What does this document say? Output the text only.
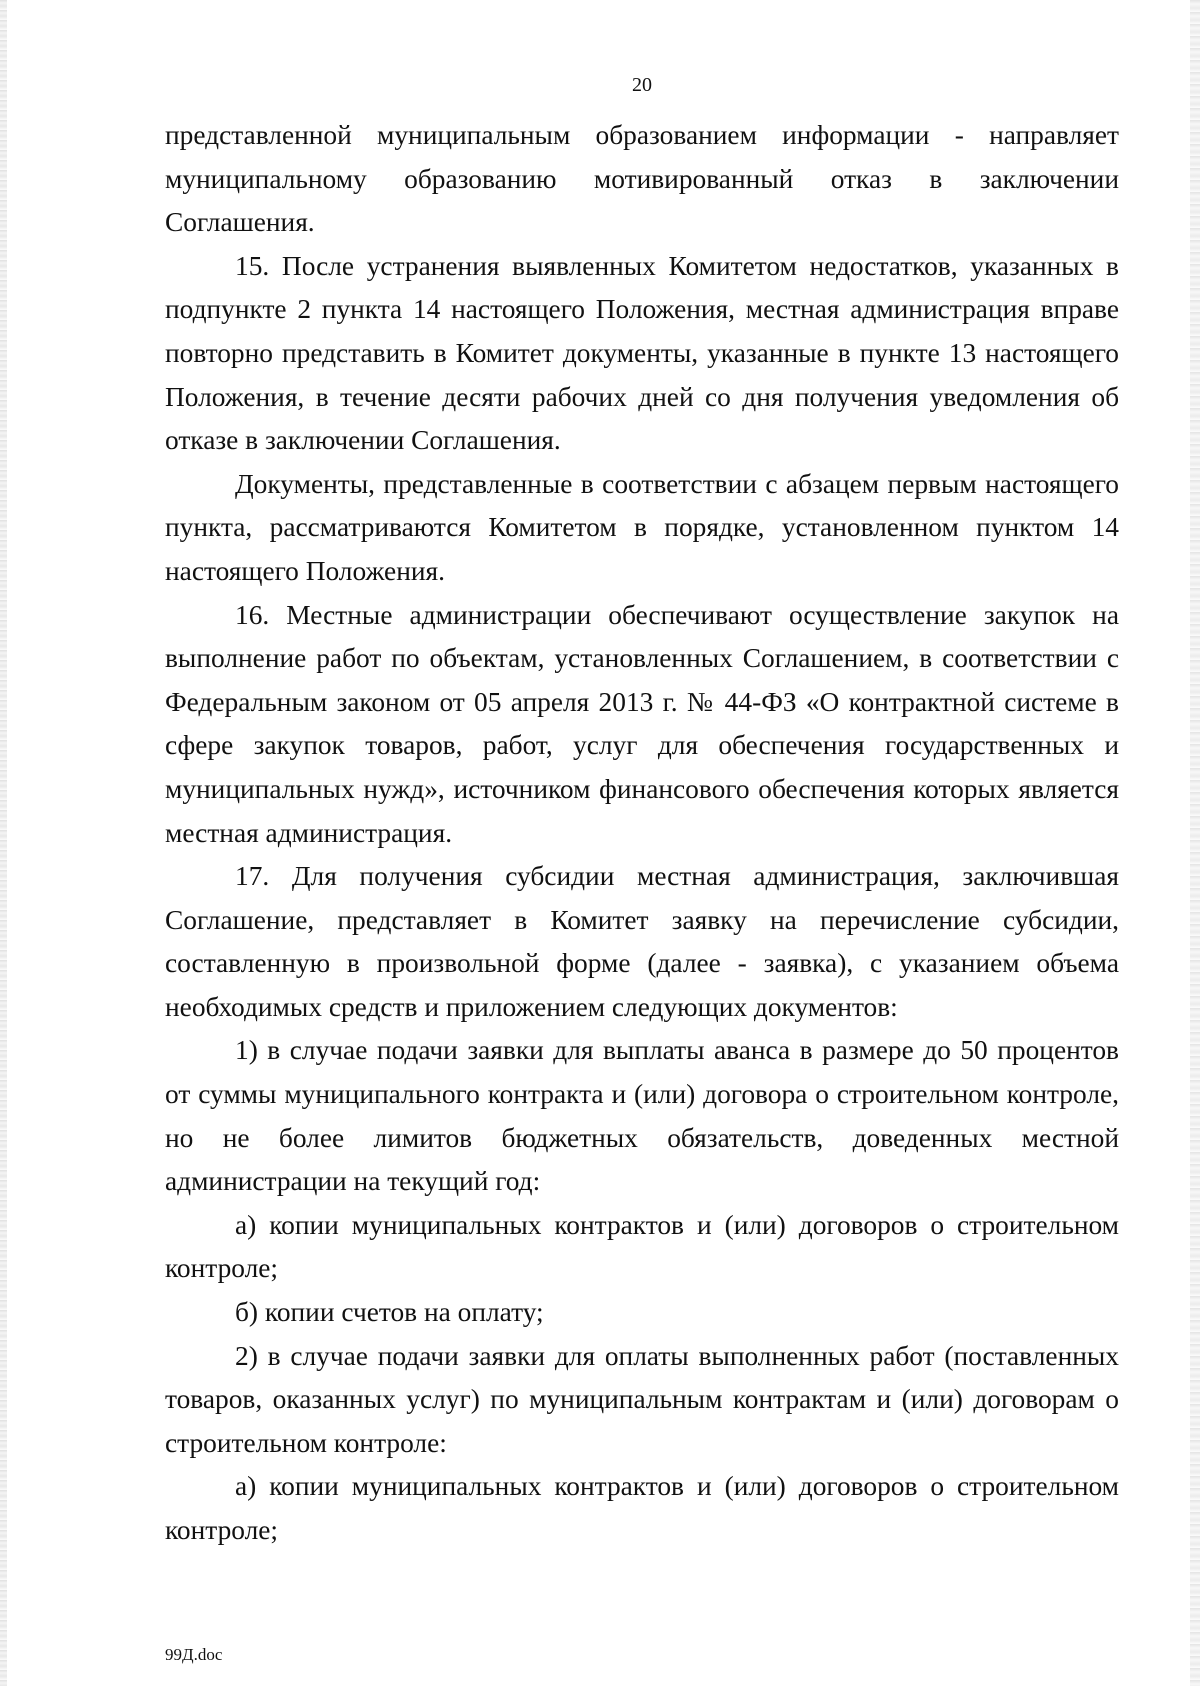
20

представленной муниципальным образованием информации - направляет муниципальному образованию мотивированный отказ в заключении Соглашения.

15. После устранения выявленных Комитетом недостатков, указанных в подпункте 2 пункта 14 настоящего Положения, местная администрация вправе повторно представить в Комитет документы, указанные в пункте 13 настоящего Положения, в течение десяти рабочих дней со дня получения уведомления об отказе в заключении Соглашения.

Документы, представленные в соответствии с абзацем первым настоящего пункта, рассматриваются Комитетом в порядке, установленном пунктом 14 настоящего Положения.

16. Местные администрации обеспечивают осуществление закупок на выполнение работ по объектам, установленных Соглашением, в соответствии с Федеральным законом от 05 апреля 2013 г. № 44-ФЗ «О контрактной системе в сфере закупок товаров, работ, услуг для обеспечения государственных и муниципальных нужд», источником финансового обеспечения которых является местная администрация.

17. Для получения субсидии местная администрация, заключившая Соглашение, представляет в Комитет заявку на перечисление субсидии, составленную в произвольной форме (далее - заявка), с указанием объема необходимых средств и приложением следующих документов:

1) в случае подачи заявки для выплаты аванса в размере до 50 процентов от суммы муниципального контракта и (или) договора о строительном контроле, но не более лимитов бюджетных обязательств, доведенных местной администрации на текущий год:

а) копии муниципальных контрактов и (или) договоров о строительном контроле;

б) копии счетов на оплату;

2) в случае подачи заявки для оплаты выполненных работ (поставленных товаров, оказанных услуг) по муниципальным контрактам и (или) договорам о строительном контроле:

а) копии муниципальных контрактов и (или) договоров о строительном контроле;

99Д.doc
